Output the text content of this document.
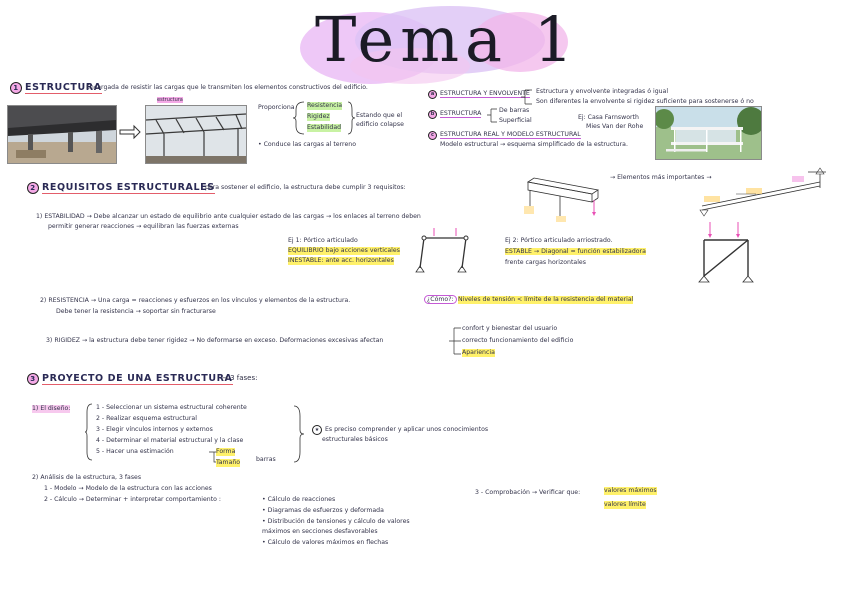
Tema 1
1 ESTRUCTURA
Encargada de resistir las cargas que le transmiten los elementos constructivos del edificio.
estructura
Proporciona Resistencia
Rigidez
Estabilidad
Estando que el
edificio colapse
• Conduce las cargas al terreno
a ESTRUCTURA Y ENVOLVENTE Estructura y envolvente integradas ó igual
Son diferentes la envolvente si rigidez suficiente para sostenerse ó no
b ESTRUCTURA	De barras
Superficial	Ej: Casa Farnsworth
Mies Van der Rohe
c ESTRUCTURA REAL Y MODELO ESTRUCTURAL
Modelo estructural → esquema simplificado de la estructura.
2 REQUISITOS ESTRUCTURALES
para sostener el edificio, la estructura debe cumplir 3 requisitos:
→ Elementos más importantes →
1) ESTABILIDAD → Debe alcanzar un estado de equilibrio ante cualquier estado de las cargas → los enlaces al terreno deben
permitir generar reacciones → equilibran las fuerzas externas
Ej 1: Pórtico articulado
EQUILIBRIO bajo acciones verticales
INESTABLE: ante acc. horizontales
Ej 2: Pórtico articulado arriostrado.
ESTABLE → Diagonal = función estabilizadora
frente cargas horizontales
2) RESISTENCIA → Una carga = reacciones y esfuerzos en los vínculos y elementos de la estructura.	¿Cómo?: Niveles de tensión < límite de la resistencia del material
Debe tener la resistencia → soportar sin fracturarse
3) RIGIDEZ → la estructura debe tener rigidez → No deformarse en exceso. Deformaciones excesivas afectan
confort y bienestar del usuario
correcto funcionamiento del edificio
Apariencia
3 PROYECTO DE UNA ESTRUCTURA
→ 3 fases:
1) El diseño:	1 - Seleccionar un sistema estructural coherente
2 - Realizar esquema estructural
3 - Elegir vínculos internos y externos
4 - Determinar el material estructural y la clase
5 - Hacer una estimación	Forma
Tamaño	barras
★ Es preciso comprender y aplicar unos conocimientos
estructurales básicos
2) Análisis de la estructura, 3 fases
1 - Modelo → Modelo de la estructura con las acciones
2 - Cálculo → Determinar + interpretar comportamiento :	• Cálculo de reacciones
• Diagramas de esfuerzos y deformada
• Distribución de tensiones y cálculo de valores
máximos en secciones desfavorables
• Cálculo de valores máximos en flechas
3 - Comprobación → Verificar que:	valores máximos
valores límite
